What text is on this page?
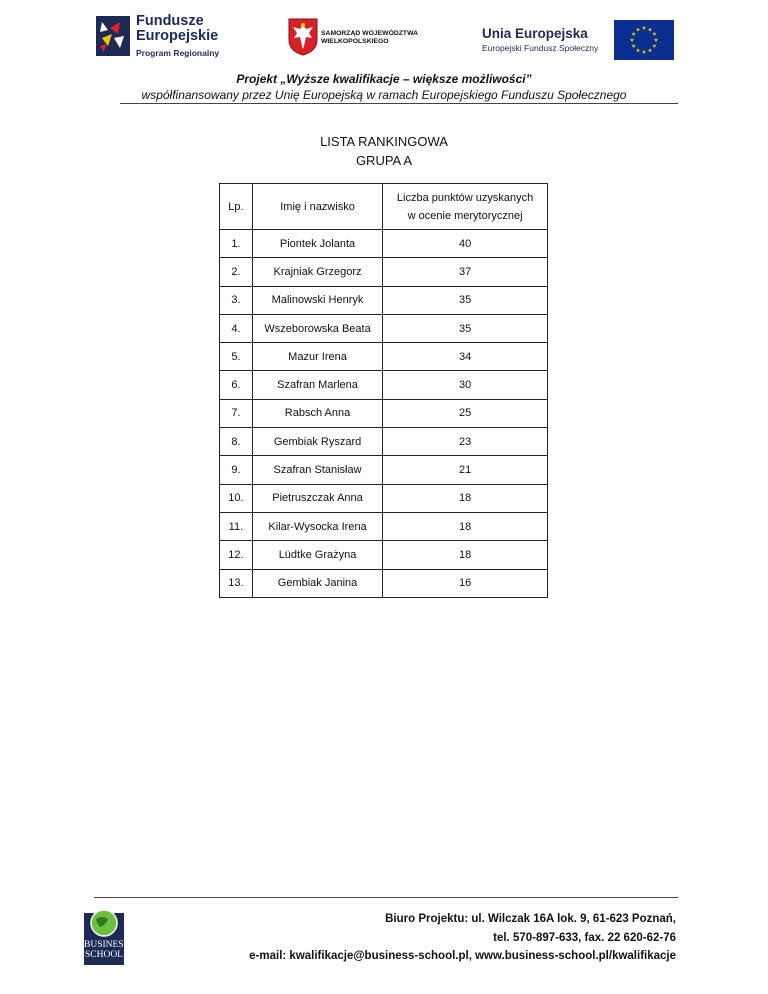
Fundusze
Europejskie
Program Regionalny
SAMORZĄD WOJEWÓDZTWA
WIELKOPOLSKIEGO
Unia Europejska
Europejski Fundusz Społeczny
Projekt „Wyższe kwalifikacje – większe możliwości”
współfinansowany przez Unię Europejską w ramach Europejskiego Funduszu Społecznego
LISTA RANKINGOWA
GRUPA A
Lp.	Imię i nazwisko	Liczba punktów uzyskanych w ocenie merytorycznej
1.	Piontek Jolanta	40
2.	Krajniak Grzegorz	37
3.	Malinowski Henryk	35
4.	Wszeborowska Beata	35
5.	Mazur Irena	34
6.	Szafran Marlena	30
7.	Rabsch Anna	25
8.	Gembiak Ryszard	23
9.	Szafran Stanisław	21
10.	Pietruszczak Anna	18
11.	Kilar-Wysocka Irena	18
12.	Lüdtke Grażyna	18
13.	Gembiak Janina	16
BUSINESS
SCHOOL
Biuro Projektu: ul. Wilczak 16A lok. 9, 61-623 Poznań,
tel. 570-897-633, fax. 22 620-62-76
e-mail: kwalifikacje@business-school.pl, www.business-school.pl/kwalifikacje
